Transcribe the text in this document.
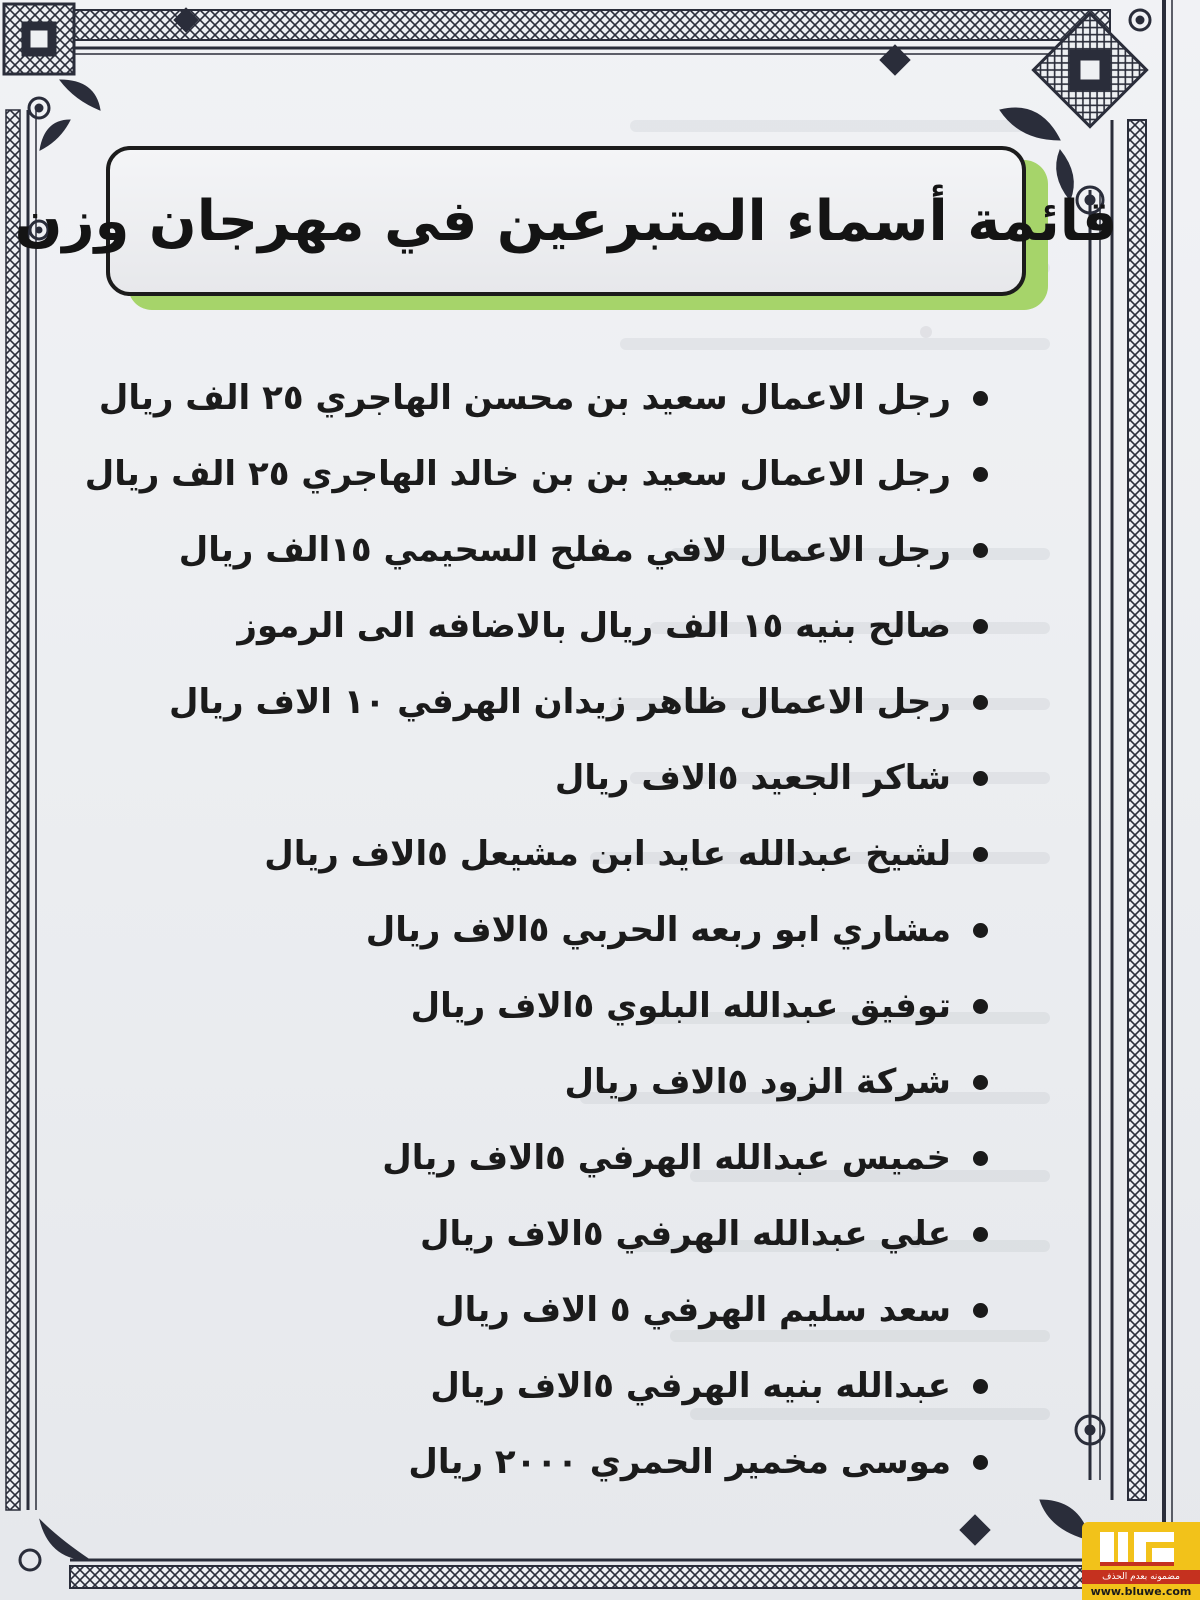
قائمة أسماء المتبرعين في مهرجان وزن
رجل الاعمال سعيد بن محسن الهاجري ٢٥ الف ريال
رجل الاعمال سعيد بن بن خالد الهاجري ٢٥ الف ريال
رجل الاعمال لافي مفلح السحيمي ١٥الف ريال
صالح بنيه ١٥ الف ريال بالاضافه الى الرموز
رجل الاعمال ظاهر زيدان الهرفي ١٠ الاف ريال
شاكر الجعيد ٥الاف ريال
لشيخ عبدالله عايد ابن مشيعل ٥الاف ريال
مشاري ابو ربعه الحربي ٥الاف ريال
توفيق عبدالله البلوي ٥الاف ريال
شركة الزود ٥الاف ريال
خميس عبدالله الهرفي ٥الاف ريال
علي عبدالله الهرفي ٥الاف ريال
سعد سليم الهرفي ٥ الاف ريال
عبدالله بنيه الهرفي ٥الاف ريال
موسى مخمير الحمري ٢٠٠٠ ريال
مضمونه بعدم الحذف
www.bluwe.com
